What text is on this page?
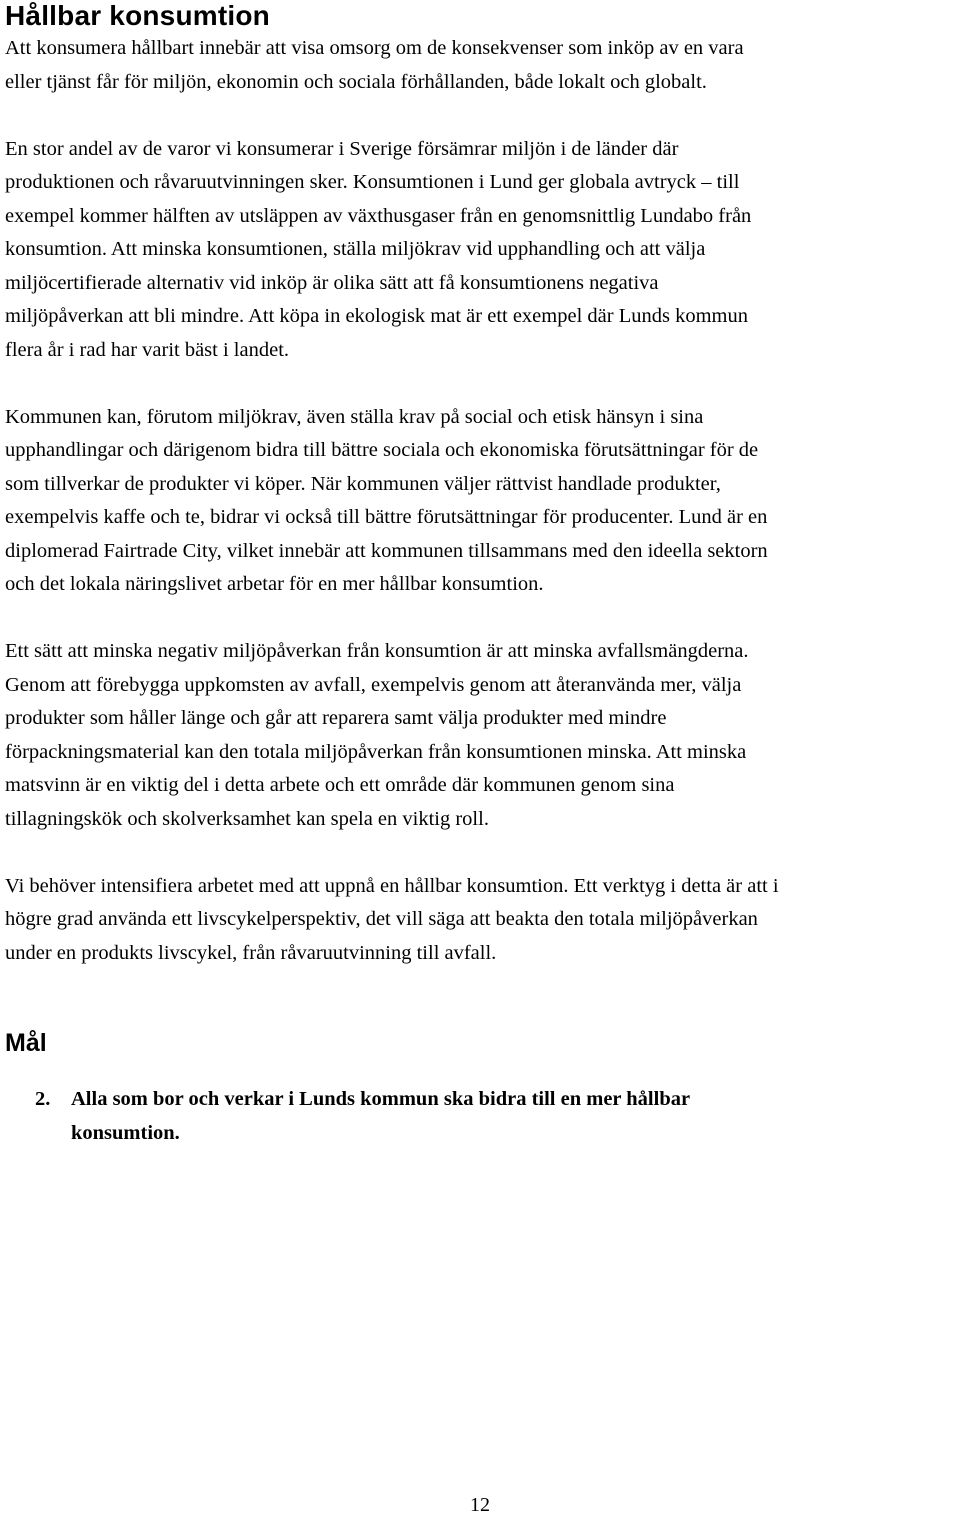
Hållbar konsumtion

Att konsumera hållbart innebär att visa omsorg om de konsekvenser som inköp av en vara
eller tjänst får för miljön, ekonomin och sociala förhållanden, både lokalt och globalt.

En stor andel av de varor vi konsumerar i Sverige försämrar miljön i de länder där
produktionen och råvaruutvinningen sker. Konsumtionen i Lund ger globala avtryck – till
exempel kommer hälften av utsläppen av växthusgaser från en genomsnittlig Lundabo från
konsumtion. Att minska konsumtionen, ställa miljökrav vid upphandling och att välja
miljöcertifierade alternativ vid inköp är olika sätt att få konsumtionens negativa
miljöpåverkan att bli mindre. Att köpa in ekologisk mat är ett exempel där Lunds kommun
flera år i rad har varit bäst i landet.

Kommunen kan, förutom miljökrav, även ställa krav på social och etisk hänsyn i sina
upphandlingar och därigenom bidra till bättre sociala och ekonomiska förutsättningar för de
som tillverkar de produkter vi köper. När kommunen väljer rättvist handlade produkter,
exempelvis kaffe och te, bidrar vi också till bättre förutsättningar för producenter. Lund är en
diplomerad Fairtrade City, vilket innebär att kommunen tillsammans med den ideella sektorn
och det lokala näringslivet arbetar för en mer hållbar konsumtion.

Ett sätt att minska negativ miljöpåverkan från konsumtion är att minska avfallsmängderna.
Genom att förebygga uppkomsten av avfall, exempelvis genom att återanvända mer, välja
produkter som håller länge och går att reparera samt välja produkter med mindre
förpackningsmaterial kan den totala miljöpåverkan från konsumtionen minska. Att minska
matsvinn är en viktig del i detta arbete och ett område där kommunen genom sina
tillagningskök och skolverksamhet kan spela en viktig roll.

Vi behöver intensifiera arbetet med att uppnå en hållbar konsumtion. Ett verktyg i detta är att i
högre grad använda ett livscykelperspektiv, det vill säga att beakta den totala miljöpåverkan
under en produkts livscykel, från råvaruutvinning till avfall.

Mål
2. Alla som bor och verkar i Lunds kommun ska bidra till en mer hållbar
konsumtion.
12
